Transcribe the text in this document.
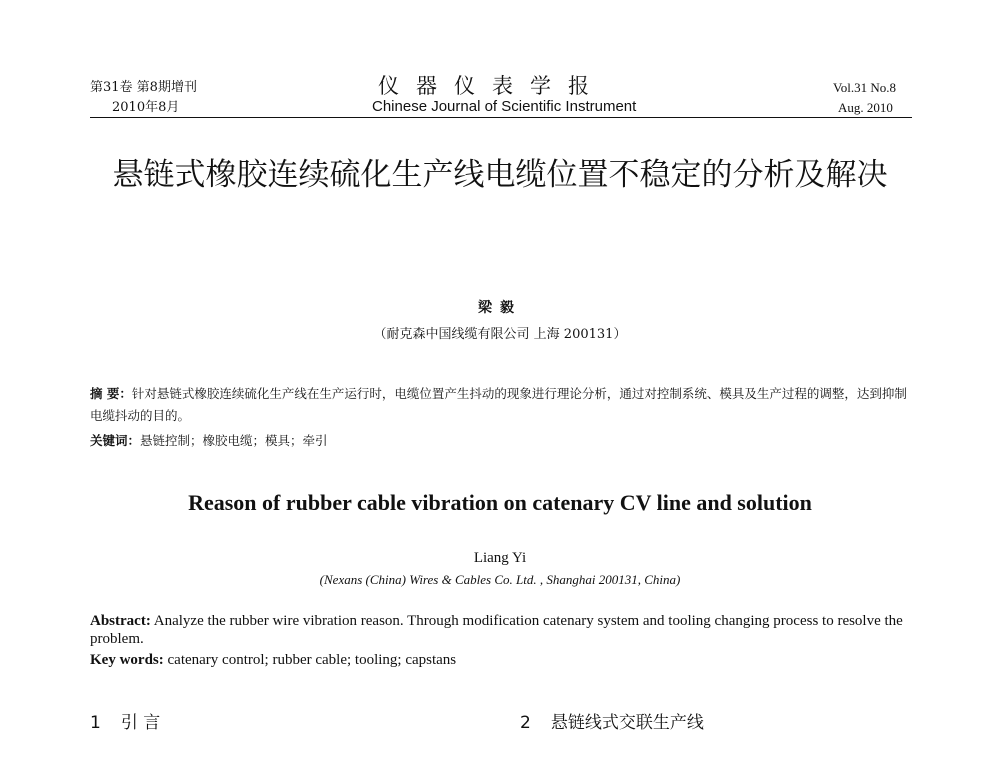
第31卷 第8期增刊
2010年8月
仪器仪表学报
Chinese Journal of Scientific Instrument
Vol.31 No.8
Aug. 2010
悬链式橡胶连续硫化生产线电缆位置不稳定的分析及解决
梁毅
（耐克森中国线缆有限公司 上海 200131）
摘 要：针对悬链式橡胶连续硫化生产线在生产运行时，电缆位置产生抖动的现象进行理论分析，通过对控制系统、模具及生产过程的调整，达到抑制电缆抖动的目的。
关键词：悬链控制；橡胶电缆；模具；牵引
Reason of rubber cable vibration on catenary CV line and solution
Liang Yi
(Nexans (China) Wires & Cables Co. Ltd. , Shanghai 200131, China)
Abstract: Analyze the rubber wire vibration reason. Through modification catenary system and tooling changing process to resolve the problem.
Key words: catenary control; rubber cable; tooling; capstans
1 引 言	2 悬链线式交联生产线
